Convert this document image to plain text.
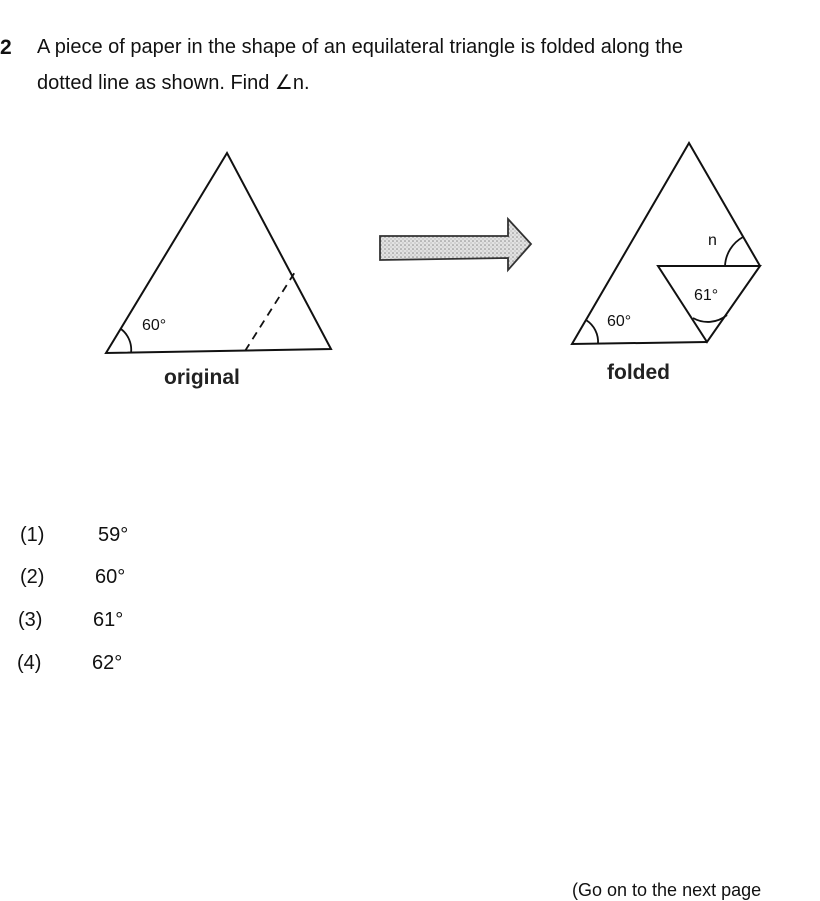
2 A piece of paper in the shape of an equilateral triangle is folded along the
dotted line as shown. Find ∠n.
60°
original
60°
n
61°
folded
(1)	59°
(2)	60°
(3)	61°
(4)	62°
(Go on to the next page
